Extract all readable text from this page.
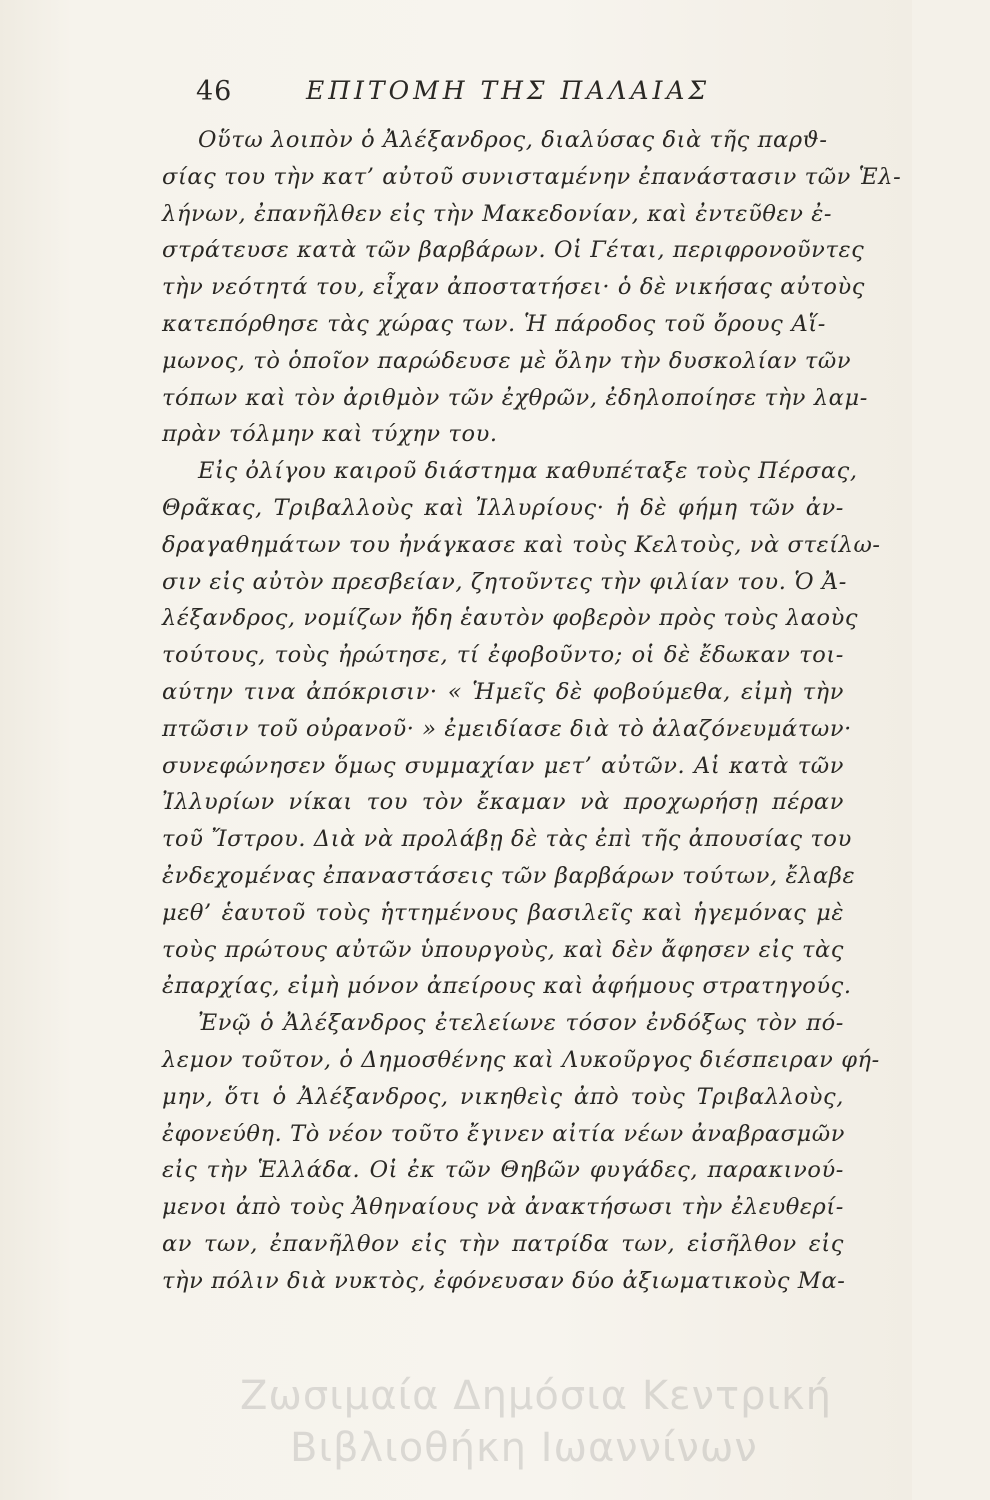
46	ΕΠΙΤΟΜΗ ΤΗΣ ΠΑΛΑΙΑΣ
Οὕτω λοιπὸν ὁ Ἀλέξανδρος, διαλύσας διὰ τῆς παρϑ-
σίας του τὴν κατ’ αὐτοῦ συνισταμένην ἐπανάστασιν τῶν Ἑλ-
λήνων, ἐπανῆλθεν εἰς τὴν Μακεδονίαν, καὶ ἐντεῦθεν ἐ-
στράτευσε κατὰ τῶν βαρβάρων. Οἱ Γέται, περιφρονοῦντες
τὴν νεότητά του, εἶχαν ἀποστατήσει· ὁ δὲ νικήσας αὐτοὺς
κατεπόρθησε τὰς χώρας των. Ἡ πάροδος τοῦ ὄρους Αἵ-
μωνος, τὸ ὁποῖον παρώδευσε μὲ ὅλην τὴν δυσκολίαν τῶν
τόπων καὶ τὸν ἀριθμὸν τῶν ἐχθρῶν, ἐδηλοποίησε τὴν λαμ-
πρὰν τόλμην καὶ τύχην του.
Εἰς ὀλίγου καιροῦ διάστημα καθυπέταξε τοὺς Πέρσας,
Θρᾶκας, Τριβαλλοὺς καὶ Ἰλλυρίους· ἡ δὲ φήμη τῶν ἀν-
δραγαθημάτων του ἠνάγκασε καὶ τοὺς Κελτοὺς, νὰ στείλω-
σιν εἰς αὐτὸν πρεσβείαν, ζητοῦντες τὴν φιλίαν του. Ὁ Ἀ-
λέξανδρος, νομίζων ἤδη ἑαυτὸν φοβερὸν πρὸς τοὺς λαοὺς
τούτους, τοὺς ἠρώτησε, τί ἐφοβοῦντο; οἱ δὲ ἔδωκαν τοι-
αύτην τινα ἀπόκρισιν· « Ἡμεῖς δὲ φοβούμεθα, εἰμὴ τὴν
πτῶσιν τοῦ οὐρανοῦ· » ἐμειδίασε διὰ τὸ ἀλαζόνευμάτων·
συνεφώνησεν ὅμως συμμαχίαν μετ’ αὐτῶν. Αἱ κατὰ τῶν
Ἰλλυρίων νίκαι του τὸν ἔκαμαν νὰ προχωρήσῃ πέραν
τοῦ Ἴστρου. Διὰ νὰ προλάβῃ δὲ τὰς ἐπὶ τῆς ἀπουσίας του
ἐνδεχομένας ἐπαναστάσεις τῶν βαρβάρων τούτων, ἔλαβε
μεθ’ ἑαυτοῦ τοὺς ἡττημένους βασιλεῖς καὶ ἡγεμόνας μὲ
τοὺς πρώτους αὐτῶν ὑπουργοὺς, καὶ δὲν ἄφησεν εἰς τὰς
ἐπαρχίας, εἰμὴ μόνον ἀπείρους καὶ ἀφήμους στρατηγούς.
Ἐνῷ ὁ Ἀλέξανδρος ἐτελείωνε τόσον ἐνδόξως τὸν πό-
λεμον τοῦτον, ὁ Δημοσθένης καὶ Λυκοῦργος διέσπειραν φή-
μην, ὅτι ὁ Ἀλέξανδρος, νικηθεὶς ἀπὸ τοὺς Τριβαλλοὺς,
ἐφονεύθη. Τὸ νέον τοῦτο ἔγινεν αἰτία νέων ἀναβρασμῶν
εἰς τὴν Ἑλλάδα. Οἱ ἐκ τῶν Θηβῶν φυγάδες, παρακινού-
μενοι ἀπὸ τοὺς Ἀθηναίους νὰ ἀνακτήσωσι τὴν ἐλευθερί-
αν των, ἐπανῆλθον εἰς τὴν πατρίδα των, εἰσῆλθον εἰς
τὴν πόλιν διὰ νυκτὸς, ἐφόνευσαν δύο ἀξιωματικοὺς Μα-
Ζωσιμαία Δημόσια Κεντρική
Βιβλιοθήκη Ιωαννίνων
